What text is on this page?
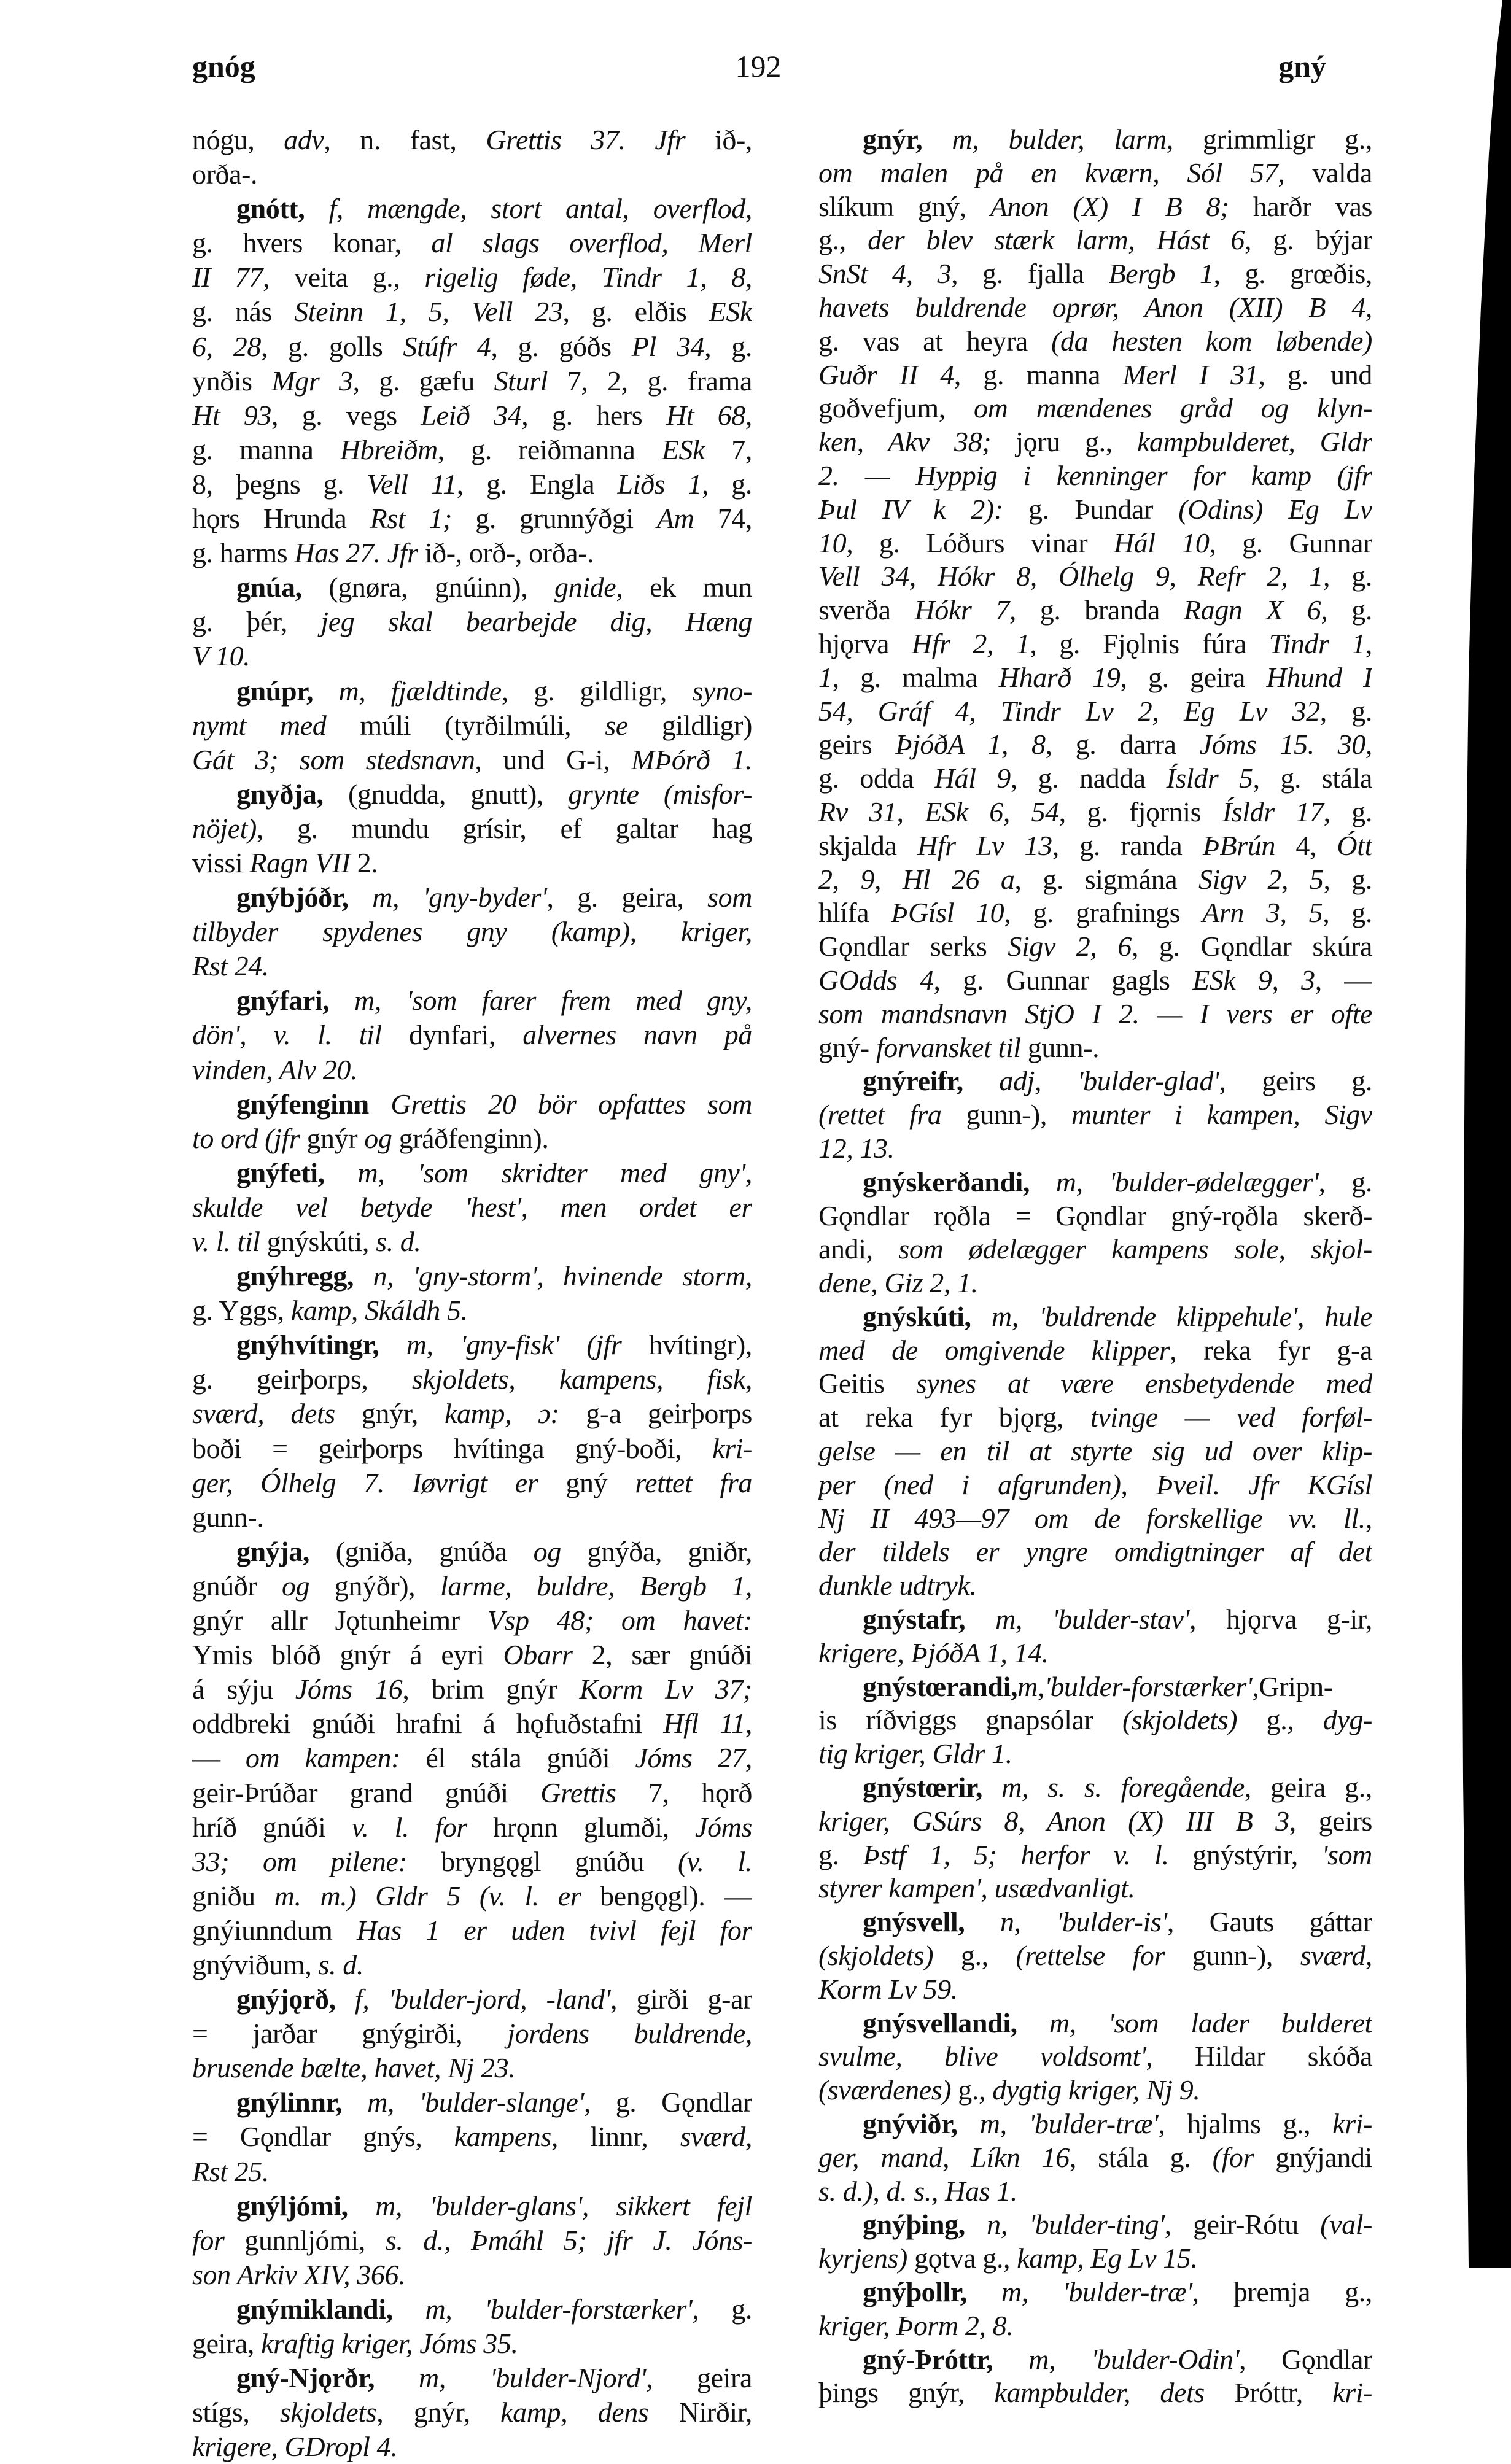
gnóg	192	gný
nógu, adv, n. fast, Grettis 37. Jfr ið-,
orða-.
gnótt, f, mængde, stort antal, overflod,
g. hvers konar, al slags overflod, Merl
II 77, veita g., rigelig føde, Tindr 1, 8,
g. nás Steinn 1, 5, Vell 23, g. elðis ESk
6, 28, g. golls Stúfr 4, g. góðs Pl 34, g.
ynðis Mgr 3, g. gæfu Sturl 7, 2, g. frama
Ht 93, g. vegs Leið 34, g. hers Ht 68,
g. manna Hbreiðm, g. reiðmanna ESk 7,
8, þegns g. Vell 11, g. Engla Liðs 1, g.
hǫrs Hrunda Rst 1; g. grunnýðgi Am 74,
g. harms Has 27. Jfr ið-, orð-, orða-.
gnúa, (gnøra, gnúinn), gnide, ek mun
g. þér, jeg skal bearbejde dig, Hæng
V 10.
gnúpr, m, fjældtinde, g. gildligr, syno-
nymt med múli (tyrðilmúli, se gildligr)
Gát 3; som stedsnavn, und G-i, MÞórð 1.
gnyðja, (gnudda, gnutt), grynte (misfor-
nöjet), g. mundu grísir, ef galtar hag
vissi Ragn VII 2.
gnýbjóðr, m, 'gny-byder', g. geira, som
tilbyder spydenes gny (kamp), kriger,
Rst 24.
gnýfari, m, 'som farer frem med gny,
dön', v. l. til dynfari, alvernes navn på
vinden, Alv 20.
gnýfenginn Grettis 20 bör opfattes som
to ord (jfr gnýr og gráðfenginn).
gnýfeti, m, 'som skridter med gny',
skulde vel betyde 'hest', men ordet er
v. l. til gnýskúti, s. d.
gnýhregg, n, 'gny-storm', hvinende storm,
g. Yggs, kamp, Skáldh 5.
gnýhvítingr, m, 'gny-fisk' (jfr hvítingr),
g. geirþorps, skjoldets, kampens, fisk,
sværd, dets gnýr, kamp, ɔ: g-a geirþorps
boði = geirþorps hvítinga gný-boði, kri-
ger, Ólhelg 7. Iøvrigt er gný rettet fra
gunn-.
gnýja, (gniða, gnúða og gnýða, gniðr,
gnúðr og gnýðr), larme, buldre, Bergb 1,
gnýr allr Jǫtunheimr Vsp 48; om havet:
Ymis blóð gnýr á eyri Obarr 2, sær gnúði
á sýju Jóms 16, brim gnýr Korm Lv 37;
oddbreki gnúði hrafni á hǫfuðstafni Hfl 11,
— om kampen: él stála gnúði Jóms 27,
geir-Þrúðar grand gnúði Grettis 7, hǫrð
hríð gnúði v. l. for hrǫnn glumði, Jóms
33; om pilene: bryngǫgl gnúðu (v. l.
gniðu m. m.) Gldr 5 (v. l. er bengǫgl). —
gnýiunndum Has 1 er uden tvivl fejl for
gnýviðum, s. d.
gnýjǫrð, f, 'bulder-jord, -land', girði g-ar
= jarðar gnýgirði, jordens buldrende,
brusende bælte, havet, Nj 23.
gnýlinnr, m, 'bulder-slange', g. Gǫndlar
= Gǫndlar gnýs, kampens, linnr, sværd,
Rst 25.
gnýljómi, m, 'bulder-glans', sikkert fejl
for gunnljómi, s. d., Þmáhl 5; jfr J. Jóns-
son Arkiv XIV, 366.
gnýmiklandi, m, 'bulder-forstærker', g.
geira, kraftig kriger, Jóms 35.
gný-Njǫrðr, m, 'bulder-Njord', geira
stígs, skjoldets, gnýr, kamp, dens Nirðir,
krigere, GDropl 4.
gnýr, m, bulder, larm, grimmligr g.,
om malen på en kværn, Sól 57, valda
slíkum gný, Anon (X) I B 8; harðr vas
g., der blev stærk larm, Hást 6, g. býjar
SnSt 4, 3, g. fjalla Bergb 1, g. grœðis,
havets buldrende oprør, Anon (XII) B 4,
g. vas at heyra (da hesten kom løbende)
Guðr II 4, g. manna Merl I 31, g. und
goðvefjum, om mændenes gråd og klyn-
ken, Akv 38; jǫru g., kampbulderet, Gldr
2. — Hyppig i kenninger for kamp (jfr
Þul IV k 2): g. Þundar (Odins) Eg Lv
10, g. Lóðurs vinar Hál 10, g. Gunnar
Vell 34, Hókr 8, Ólhelg 9, Refr 2, 1, g.
sverða Hókr 7, g. branda Ragn X 6, g.
hjǫrva Hfr 2, 1, g. Fjǫlnis fúra Tindr 1,
1, g. malma Hharð 19, g. geira Hhund I
54, Gráf 4, Tindr Lv 2, Eg Lv 32, g.
geirs ÞjóðA 1, 8, g. darra Jóms 15. 30,
g. odda Hál 9, g. nadda Ísldr 5, g. stála
Rv 31, ESk 6, 54, g. fjǫrnis Ísldr 17, g.
skjalda Hfr Lv 13, g. randa ÞBrún 4, Ótt
2, 9, Hl 26 a, g. sigmána Sigv 2, 5, g.
hlífa ÞGísl 10, g. grafnings Arn 3, 5, g.
Gǫndlar serks Sigv 2, 6, g. Gǫndlar skúra
GOdds 4, g. Gunnar gagls ESk 9, 3, —
som mandsnavn StjO I 2. — I vers er ofte
gný- forvansket til gunn-.
gnýreifr, adj, 'bulder-glad', geirs g.
(rettet fra gunn-), munter i kampen, Sigv
12, 13.
gnýskerðandi, m, 'bulder-ødelægger', g.
Gǫndlar rǫðla = Gǫndlar gný-rǫðla skerð-
andi, som ødelægger kampens sole, skjol-
dene, Giz 2, 1.
gnýskúti, m, 'buldrende klippehule', hule
med de omgivende klipper, reka fyr g-a
Geitis synes at være ensbetydende med
at reka fyr bjǫrg, tvinge — ved forføl-
gelse — en til at styrte sig ud over klip-
per (ned i afgrunden), Þveil. Jfr KGísl
Nj II 493—97 om de forskellige vv. ll.,
der tildels er yngre omdigtninger af det
dunkle udtryk.
gnýstafr, m, 'bulder-stav', hjǫrva g-ir,
krigere, ÞjóðA 1, 14.
gnýstœrandi,m,'bulder-forstærker',Gripn-
is ríðviggs gnapsólar (skjoldets) g., dyg-
tig kriger, Gldr 1.
gnýstœrir, m, s. s. foregående, geira g.,
kriger, GSúrs 8, Anon (X) III B 3, geirs
g. Þstf 1, 5; herfor v. l. gnýstýrir, 'som
styrer kampen', usædvanligt.
gnýsvell, n, 'bulder-is', Gauts gáttar
(skjoldets) g., (rettelse for gunn-), sværd,
Korm Lv 59.
gnýsvellandi, m, 'som lader bulderet
svulme, blive voldsomt', Hildar skóða
(sværdenes) g., dygtig kriger, Nj 9.
gnýviðr, m, 'bulder-træ', hjalms g., kri-
ger, mand, Líkn 16, stála g. (for gnýjandi
s. d.), d. s., Has 1.
gnýþing, n, 'bulder-ting', geir-Rótu (val-
kyrjens) gǫtva g., kamp, Eg Lv 15.
gnýþollr, m, 'bulder-træ', þremja g.,
kriger, Þorm 2, 8.
gný-Þróttr, m, 'bulder-Odin', Gǫndlar
þings gnýr, kampbulder, dets Þróttr, kri-
